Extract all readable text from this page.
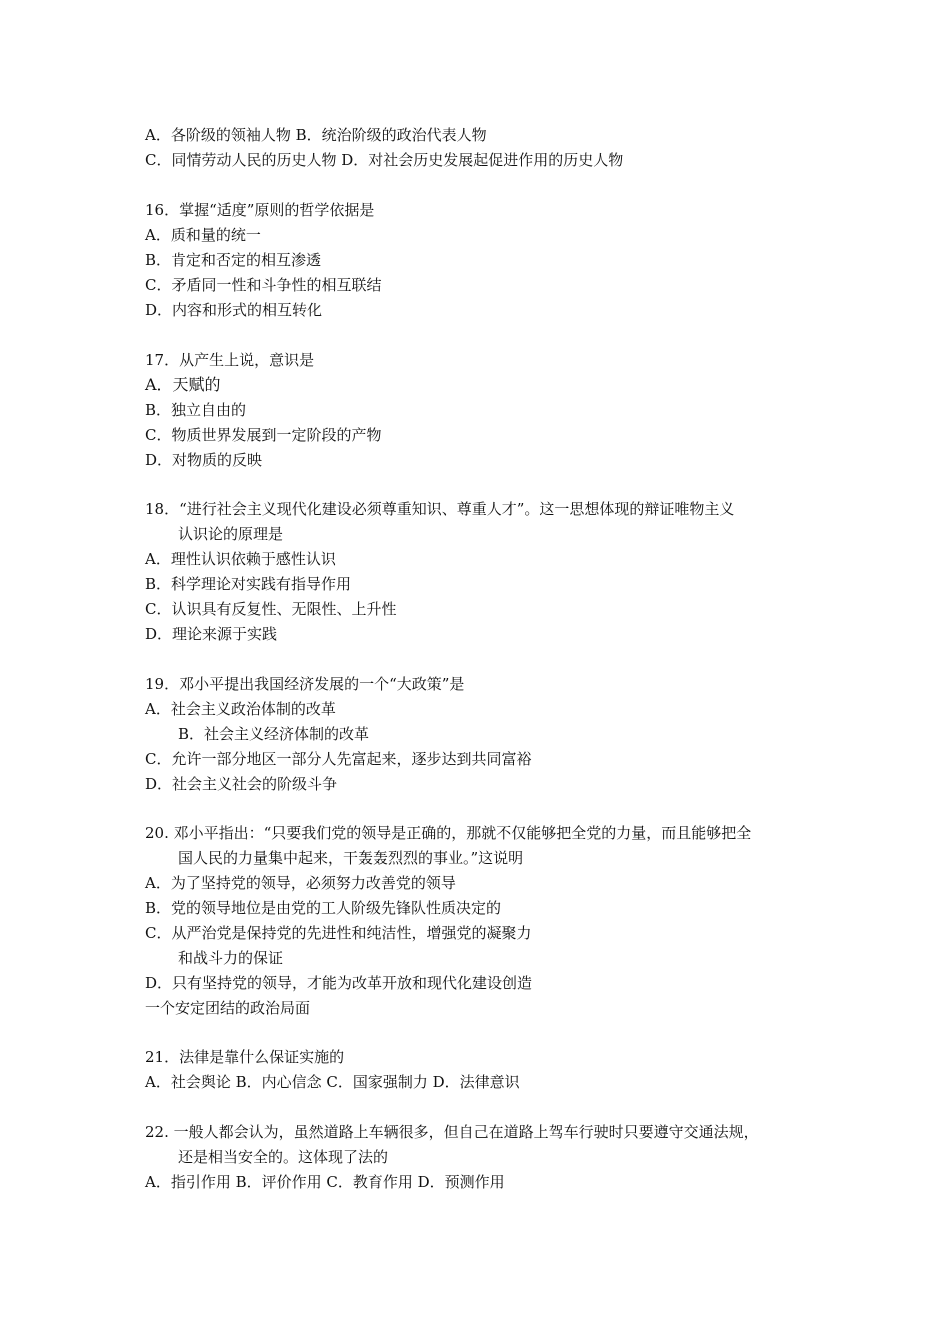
A．各阶级的领袖人物 B．统治阶级的政治代表人物
C．同情劳动人民的历史人物 D．对社会历史发展起促进作用的历史人物
16．掌握“适度”原则的哲学依据是
A．质和量的统一
B．肯定和否定的相互渗透
C．矛盾同一性和斗争性的相互联结
D．内容和形式的相互转化
17．从产生上说，意识是
A．天赋的
B．独立自由的
C．物质世界发展到一定阶段的产物
D．对物质的反映
18．“进行社会主义现代化建设必须尊重知识、尊重人才”。这一思想体现的辩证唯物主义
认识论的原理是
A．理性认识依赖于感性认识
B．科学理论对实践有指导作用
C．认识具有反复性、无限性、上升性
D．理论来源于实践
19．邓小平提出我国经济发展的一个“大政策”是
A．社会主义政治体制的改革
B．社会主义经济体制的改革
C．允许一部分地区一部分人先富起来，逐步达到共同富裕
D．社会主义社会的阶级斗争
20. 邓小平指出：“只要我们党的领导是正确的，那就不仅能够把全党的力量，而且能够把全
国人民的力量集中起来，干轰轰烈烈的事业。”这说明
A．为了坚持党的领导，必须努力改善党的领导
B．党的领导地位是由党的工人阶级先锋队性质决定的
C．从严治党是保持党的先进性和纯洁性，增强党的凝聚力
和战斗力的保证
D．只有坚持党的领导，才能为改革开放和现代化建设创造
一个安定团结的政治局面
21．法律是靠什么保证实施的
A．社会舆论 B．内心信念 C．国家强制力 D．法律意识
22. 一般人都会认为，虽然道路上车辆很多，但自己在道路上驾车行驶时只要遵守交通法规，
还是相当安全的。这体现了法的
A．指引作用 B．评价作用 C．教育作用 D．预测作用
